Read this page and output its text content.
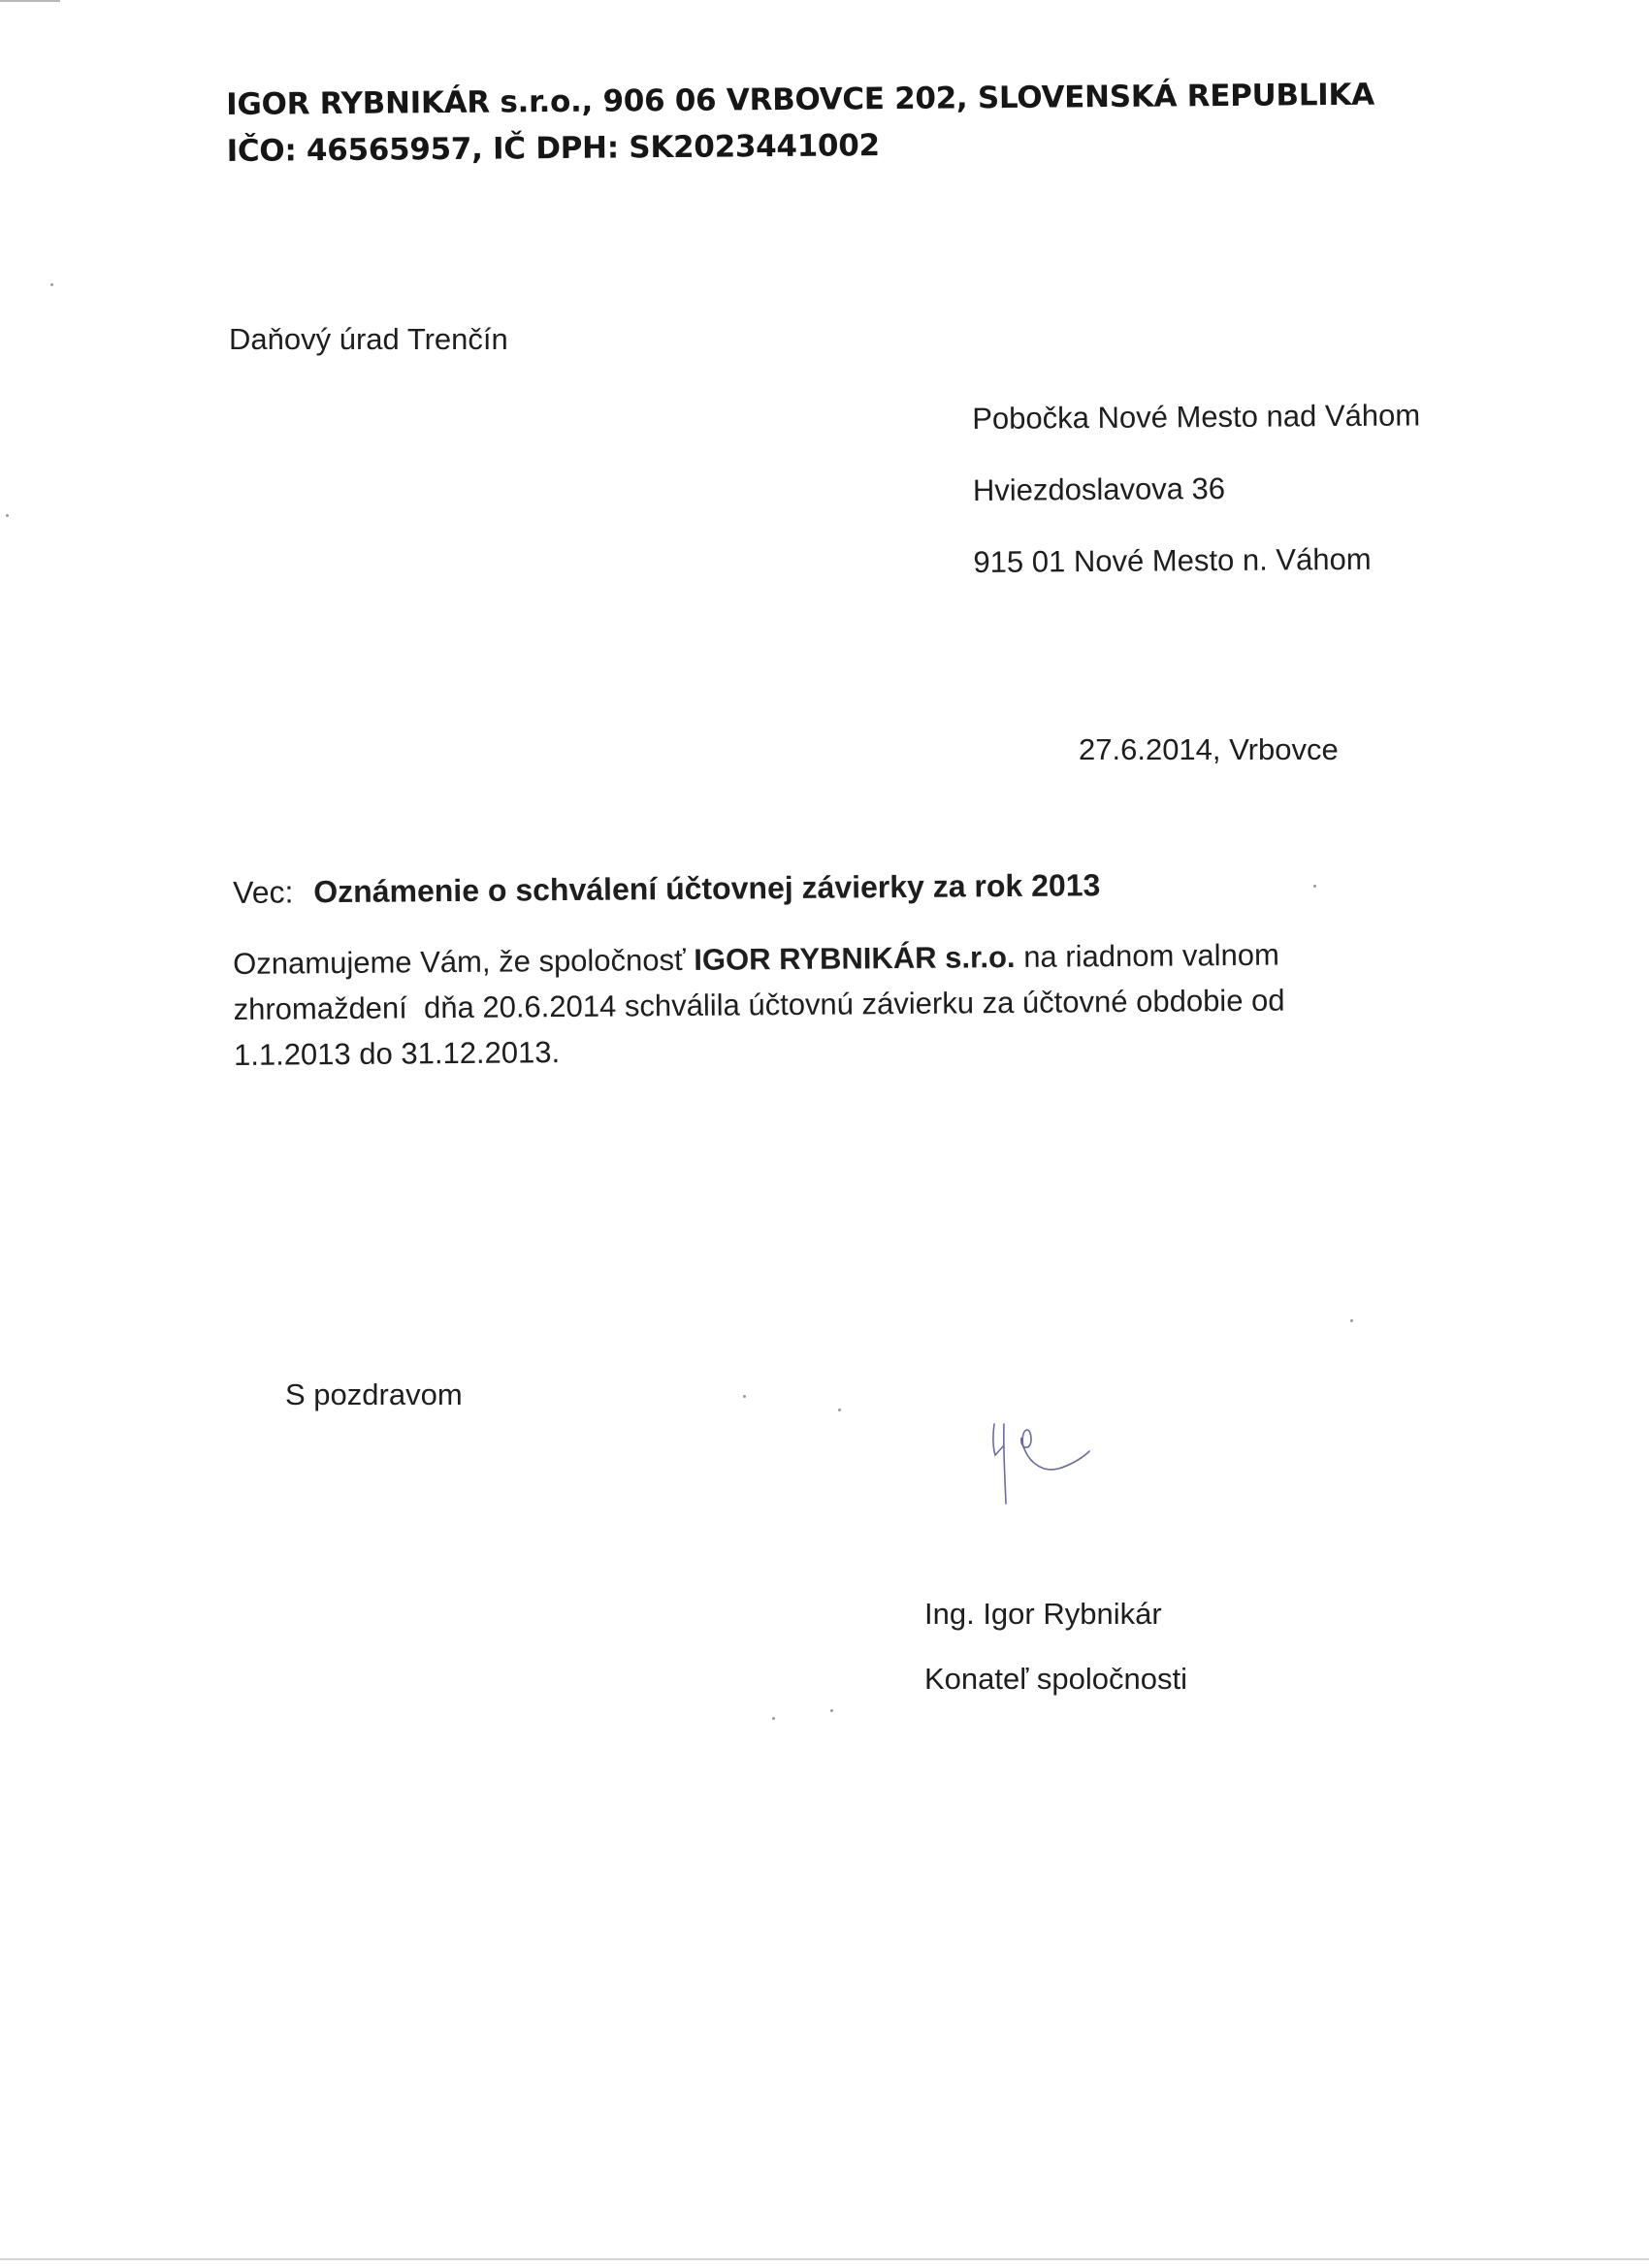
IGOR RYBNIKÁR s.r.o., 906 06 VRBOVCE 202, SLOVENSKÁ REPUBLIKA
IČO: 46565957, IČ DPH: SK2023441002
Daňový úrad Trenčín
Pobočka Nové Mesto nad Váhom
Hviezdoslavova 36
915 01 Nové Mesto n. Váhom
27.6.2014, Vrbovce
Vec: Oznámenie o schválení účtovnej závierky za rok 2013
Oznamujeme Vám, že spoločnosť IGOR RYBNIKÁR s.r.o. na riadnom valnom
zhromaždení  dňa 20.6.2014 schválila účtovnú závierku za účtovné obdobie od
1.1.2013 do 31.12.2013.
S pozdravom
Ing. Igor Rybnikár
Konateľ spoločnosti
